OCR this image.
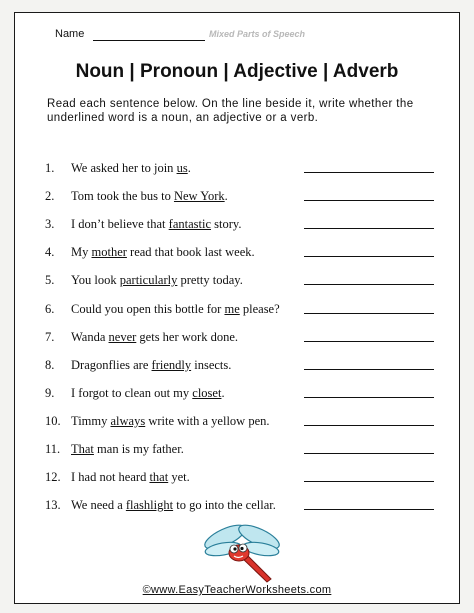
Name	Mixed Parts of Speech
Noun | Pronoun | Adjective | Adverb
Read each sentence below. On the line beside it, write whether the underlined word is a noun, an adjective or a verb.
1. We asked her to join us.
2. Tom took the bus to New York.
3. I don’t believe that fantastic story.
4. My mother read that book last week.
5. You look particularly pretty today.
6. Could you open this bottle for me please?
7. Wanda never gets her work done.
8. Dragonflies are friendly insects.
9. I forgot to clean out my closet.
10. Timmy always write with a yellow pen.
11. That man is my father.
12. I had not heard that yet.
13. We need a flashlight to go into the cellar.
©www.EasyTeacherWorksheets.com
